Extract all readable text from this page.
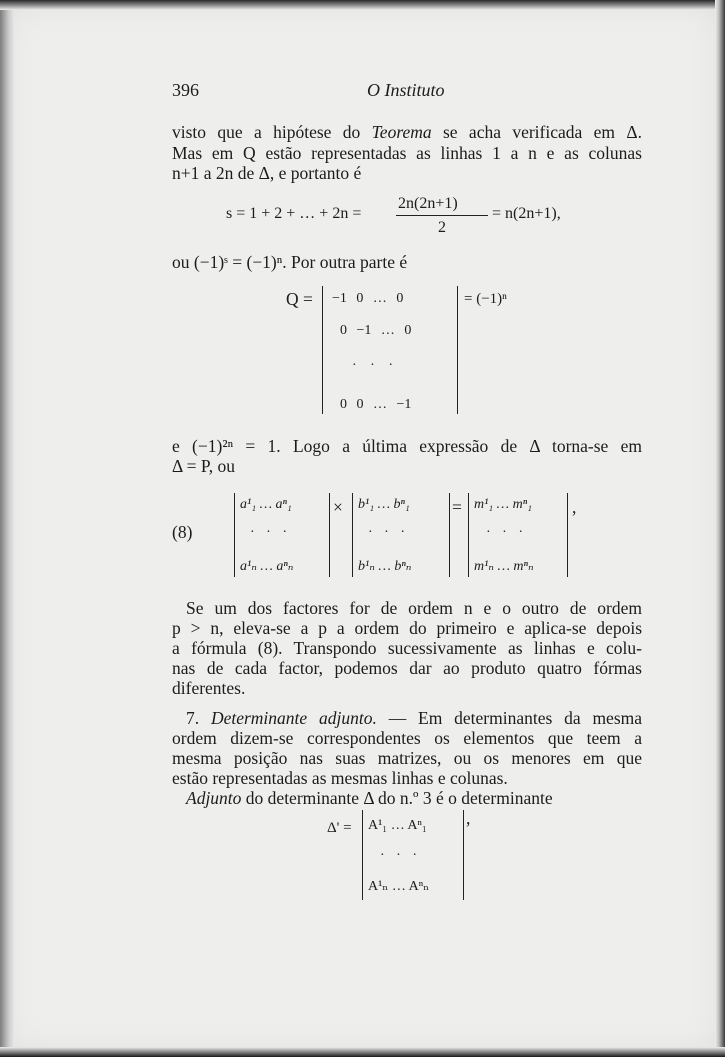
396	O Instituto
visto que a hipótese do Teorema se acha verificada em Δ.
Mas em Q estão representadas as linhas 1 a n e as colunas
n+1 a 2n de Δ, e portanto é
s = 1 + 2 + … + 2n =
2n(2n+1)
2
= n(2n+1),
ou (−1)ˢ = (−1)ⁿ. Por outra parte é
Q = −1 0 … 0
0 −1 … 0
· · ·
0 0 … −1
= (−1)ⁿ
e (−1)²ⁿ = 1. Logo a última expressão de Δ torna-se em
Δ = P, ou
(8)
a¹₁ … aⁿ₁
· · ·
a¹ₙ … aⁿₙ
× b¹₁ … bⁿ₁
· · ·
b¹ₙ … bⁿₙ
= m¹₁ … mⁿ₁
· · ·
m¹ₙ … mⁿₙ
,
Se um dos factores for de ordem n e o outro de ordem
p > n, eleva-se a p a ordem do primeiro e aplica-se depois
a fórmula (8). Transpondo sucessivamente as linhas e colu-
nas de cada factor, podemos dar ao produto quatro fórmas
diferentes.
7. Determinante adjunto. — Em determinantes da mesma
ordem dizem-se correspondentes os elementos que teem a
mesma posição nas suas matrizes, ou os menores em que
estão representadas as mesmas linhas e colunas.
Adjunto do determinante Δ do n.º 3 é o determinante
Δ' = A¹₁ … Aⁿ₁
· · ·
A¹ₙ … Aⁿₙ
,
